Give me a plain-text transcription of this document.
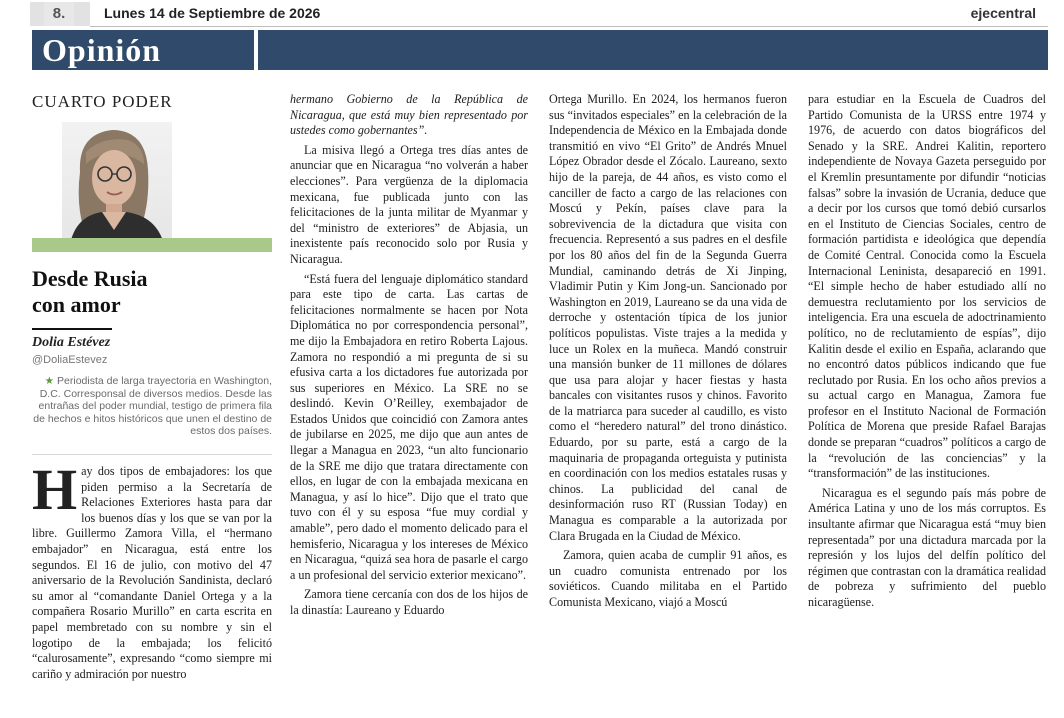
8.	Lunes 14 de Septiembre de 2026	ejecentral
Opinión
CUARTO PODER
Desde Rusia
con amor
Dolia Estévez
@DoliaEstevez
★ Periodista de larga trayectoria en Washington, D.C. Corresponsal de diversos medios. Desde las entrañas del poder mundial, testigo de primera fila de hechos e hitos históricos que unen el destino de estos dos países.
H ay dos tipos de embajadores: los que piden permiso a la Secretaría de Relaciones Exteriores hasta para dar los buenos días y los que se van por la libre. Guillermo Zamora Villa, el “hermano embajador” en Nicaragua, está entre los segundos. El 16 de julio, con motivo del 47 aniversario de la Revolución Sandinista, declaró su amor al “comandante Daniel Ortega y a la compañera Rosario Murillo” en carta escrita en papel membretado con su nombre y sin el logotipo de la embajada; los felicitó “calurosamente”, expresando “como siempre mi cariño y admiración por nuestro

hermano Gobierno de la República de Nicaragua, que está muy bien representado por ustedes como gobernantes”.

La misiva llegó a Ortega tres días antes de anunciar que en Nicaragua “no volverán a haber elecciones”. Para vergüenza de la diplomacia mexicana, fue publicada junto con las felicitaciones de la junta militar de Myanmar y del “ministro de exteriores” de Abjasia, un inexistente país reconocido solo por Rusia y Nicaragua.

“Está fuera del lenguaje diplomático standard para este tipo de carta. Las cartas de felicitaciones normalmente se hacen por Nota Diplomática no por correspondencia personal”, me dijo la Embajadora en retiro Roberta Lajous. Zamora no respondió a mi pregunta de si su efusiva carta a los dictadores fue autorizada por sus superiores en México. La SRE no se deslindó. Kevin O’Reilley, exembajador de Estados Unidos que coincidió con Zamora antes de jubilarse en 2025, me dijo que aun antes de llegar a Managua en 2023, “un alto funcionario de la SRE me dijo que tratara directamente con ellos, en lugar de con la embajada mexicana en Managua, y así lo hice”. Dijo que el trato que tuvo con él y su esposa “fue muy cordial y amable”, pero dado el momento delicado para el hemisferio, Nicaragua y los intereses de México en Nicaragua, “quizá sea hora de pasarle el cargo a un profesional del servicio exterior mexicano”.

Zamora tiene cercanía con dos de los hijos de la dinastía: Laureano y Eduardo

Ortega Murillo. En 2024, los hermanos fueron sus “invitados especiales” en la celebración de la Independencia de México en la Embajada donde transmitió en vivo “El Grito” de Andrés Mnuel López Obrador desde el Zócalo. Laureano, sexto hijo de la pareja, de 44 años, es visto como el canciller de facto a cargo de las relaciones con Moscú y Pekín, países clave para la sobrevivencia de la dictadura que visita con frecuencia. Representó a sus padres en el desfile por los 80 años del fin de la Segunda Guerra Mundial, caminando detrás de Xi Jinping, Vladimir Putin y Kim Jong-un. Sancionado por Washington en 2019, Laureano se da una vida de derroche y ostentación típica de los junior políticos populistas. Viste trajes a la medida y luce un Rolex en la muñeca. Mandó construir una mansión bunker de 11 millones de dólares que usa para alojar y hacer fiestas y hasta bancales con visitantes rusos y chinos. Favorito de la matriarca para suceder al caudillo, es visto como el “heredero natural” del trono dinástico. Eduardo, por su parte, está a cargo de la maquinaria de propaganda orteguista y putinista en coordinación con los medios estatales rusas y chinos. La publicidad del canal de desinformación ruso RT (Russian Today) en Managua es comparable a la autorizada por Clara Brugada en la Ciudad de México.

Zamora, quien acaba de cumplir 91 años, es un cuadro comunista entrenado por los soviéticos. Cuando militaba en el Partido Comunista Mexicano, viajó a Moscú

para estudiar en la Escuela de Cuadros del Partido Comunista de la URSS entre 1974 y 1976, de acuerdo con datos biográficos del Senado y la SRE. Andrei Kalitin, reportero independiente de Novaya Gazeta perseguido por el Kremlin presuntamente por difundir “noticias falsas” sobre la invasión de Ucrania, deduce que a decir por los cursos que tomó debió cursarlos en el Instituto de Ciencias Sociales, centro de formación partidista e ideológica que dependía de Comité Central. Conocida como la Escuela Internacional Leninista, desapareció en 1991. “El simple hecho de haber estudiado allí no demuestra reclutamiento por los servicios de inteligencia. Era una escuela de adoctrinamiento político, no de reclutamiento de espías”, dijo Kalitin desde el exilio en España, aclarando que no encontró datos públicos indicando que fue reclutado por Rusia. En los ocho años previos a su actual cargo en Managua, Zamora fue profesor en el Instituto Nacional de Formación Política de Morena que preside Rafael Barajas donde se preparan “cuadros” políticos a cargo de la “revolución de las conciencias” y la “transformación” de las instituciones.

Nicaragua es el segundo país más pobre de América Latina y uno de los más corruptos. Es insultante afirmar que Nicaragua está “muy bien representada” por una dictadura marcada por la represión y los lujos del delfín político del régimen que contrastan con la dramática realidad de pobreza y sufrimiento del pueblo nicaragüense.
